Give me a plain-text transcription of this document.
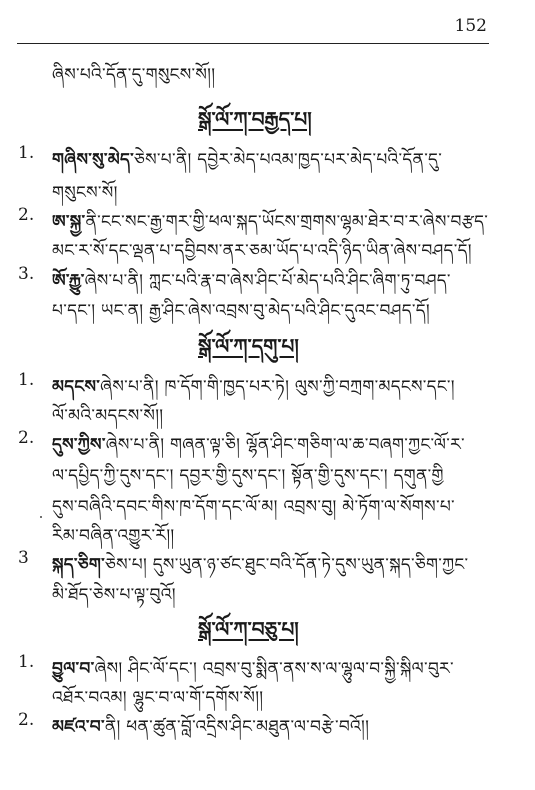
152
ཞིས་པའི་དོན་དུ་གསུངས་སོ།།
སྒོ་ལོ་ཀ་བརྒྱད་པ།
1. གཞིས་སུ་མེད་ཅེས་པ་ནི། དབྱེར་མེད་པའམ་ཁྱད་པར་མེད་པའི་དོན་དུ་
གསུངས་སོ།
2. ཨ་སྐྱ་ནི་ངང་སང་རྒྱ་གར་གྱི་ཕལ་སྐད་ཡོངས་གྲགས་ལྷམ་ཐེར་བ་ར་ཞེས་བརྩད་
མང་ར་སོ་དང་ལྡན་པ་དབྱིབས་ནར་ཅམ་ཡོད་པ་འདི་ཉིད་ཡིན་ཞེས་བཤད་དོ།
3. ཨོ་རྐྱུ་ཞེས་པ་ནི། ཀླང་པའི་རྣ་བ་ཞེས་ཤིང་པོ་མེད་པའི་ཤིང་ཞིག་ཏུ་བཤད་
པ་དང་། ཡང་ན། རྒྱ་ཤིང་ཞེས་འབྲས་བུ་མེད་པའི་ཤིང་དུའང་བཤད་དོ།
སྒོ་ལོ་ཀ་དགུ་པ།
1. མདངས་ཞེས་པ་ནི། ཁ་དོག་གི་ཁྱད་པར་ཏེ། ལུས་ཀྱི་བཀྲག་མདངས་དང་།
ལོ་མའི་མདངས་སོ།།
2. དུས་ཀྱིས་ཞེས་པ་ནི། གཞན་ལྟ་ཅི། ལྷོན་ཤིང་གཅིག་ལ་ཆ་བཞག་ཀྱང་ལོ་ར་
ལ་དཔྱིད་ཀྱི་དུས་དང་། དབྱར་གྱི་དུས་དང་། སྟོན་གྱི་དུས་དང་། དགུན་གྱི
དུས་བཞིའི་དབང་གིས་ཁ་དོག་དང་ལོ་མ། འབྲས་བུ། མེ་ཏོག་ལ་སོགས་པ་
རིམ་བཞིན་འགྱུར་རོ།།
3 སྐད་ཅིག་ཅེས་པ། དུས་ཡུན་ཉ་ཙང་ཐུང་བའི་དོན་ཏེ་དུས་ཡུན་སྐད་ཅིག་ཀྱང་
མི་ཐོད་ཅེས་པ་ལྟ་བུའོ།
སྒོ་ལོ་ཀ་བཅུ་པ།
1. བྱུལ་བ་ཞེས། ཤིང་ལོ་དང་། འབྲས་བུ་སྨིན་ནས་ས་ལ་ལྷུལ་བ་སྐྱི་སྐིལ་བུར་
འཐོར་བའམ། ལྷུང་བ་ལ་གོ་དགོས་སོ།།
2. མཛའ་བ་ནི། ཕན་ཚུན་བློ་འདྲིས་ཤིང་མཐུན་ལ་བརྩེ་བའོ།།
